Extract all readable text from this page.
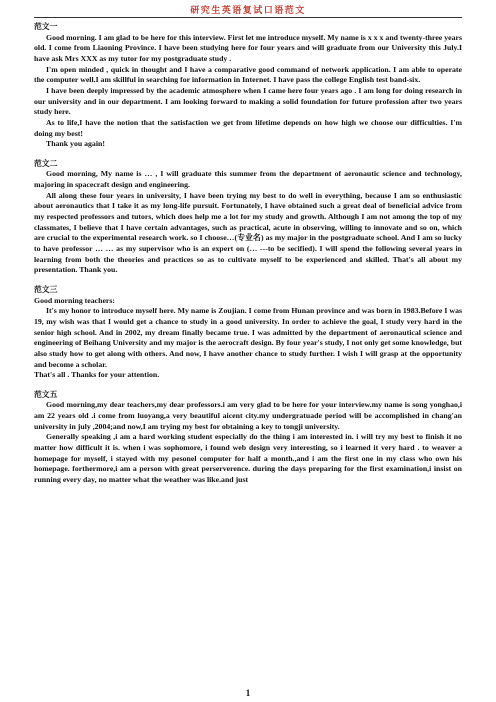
研究生英语复试口语范文
范文一

Good morning. I am glad to be here for this interview. First let me introduce myself. My name is x x x and twenty-three years old. I come from Liaoning Province. I have been studying here for four years and will graduate from our University this July.I have ask Mrs XXX as my tutor for my postgraduate study .

I'm open minded , quick in thought and I have a comparative good command of network application. I am able to operate the computer well.I am skillful in searching for information in Internet. I have pass the college English test band-six.

I have been deeply impressed by the academic atmosphere when I came here four years ago . I am long for doing research in our university and in our department. I am looking forward to making a solid foundation for future profession after two years study here.

As to life,I have the notion that the satisfaction we get from lifetime depends on how high we choose our difficulties. I'm doing my best!

Thank you again!

范文二

Good morning, My name is … , I will graduate this summer from the department of aeronautic science and technology, majoring in spacecraft design and engineering.

All along these four years in university, I have been trying my best to do well in everything, because I am so enthusiastic about aeronautics that I take it as my long-life pursuit. Fortunately, I have obtained such a great deal of beneficial advice from my respected professors and tutors, which does help me a lot for my study and growth. Although I am not among the top of my classmates, I believe that I have certain advantages, such as practical, acute in observing, willing to innovate and so on, which are crucial to the experimental research work. so I choose…(专业名) as my major in the postgraduate school. And I am so lucky to have professor … … as my supervisor who is an expert on (… ---to be secified). I will spend the following several years in learning from both the theories and practices so as to cultivate myself to be experienced and skilled. That's all about my presentation. Thank you.

范文三

Good morning teachers:

It's my honor to introduce myself here. My name is Zoujian. I come from Hunan province and was born in 1983.Before I was 19, my wish was that I would get a chance to study in a good university. In order to achieve the goal, I study very hard in the senior high school. And in 2002, my dream finally became true. I was admitted by the department of aeronautical science and engineering of Beihang University and my major is the aerocraft design. By four year's study, I not only get some knowledge, but also study how to get along with others. And now, I have another chance to study further. I wish I will grasp at the opportunity and become a scholar.

That's all . Thanks for your attention.

范文五

Good morning,my dear teachers,my dear professors.i am very glad to be here for your interview.my name is song yonghao,i am 22 years old .i come from luoyang,a very beautiful aicent city.my undergratuade period will be accomplished in chang'an university in july ,2004;and now,I am trying my best for obtaining a key to tongji university.

Generally speaking ,i am a hard working student especially do the thing i am interested in. i will try my best to finish it no matter how difficult it is. when i was sophomore, i found web design very interesting, so i learned it very hard . to weaver a homepage for myself, i stayed with my pesonel computer for half a month.,and i am the first one in my class who own his homepage. forthermore,i am a person with great perserverence. during the days preparing for the first examination,i insist on running every day, no matter what the weather was like.and just

1
